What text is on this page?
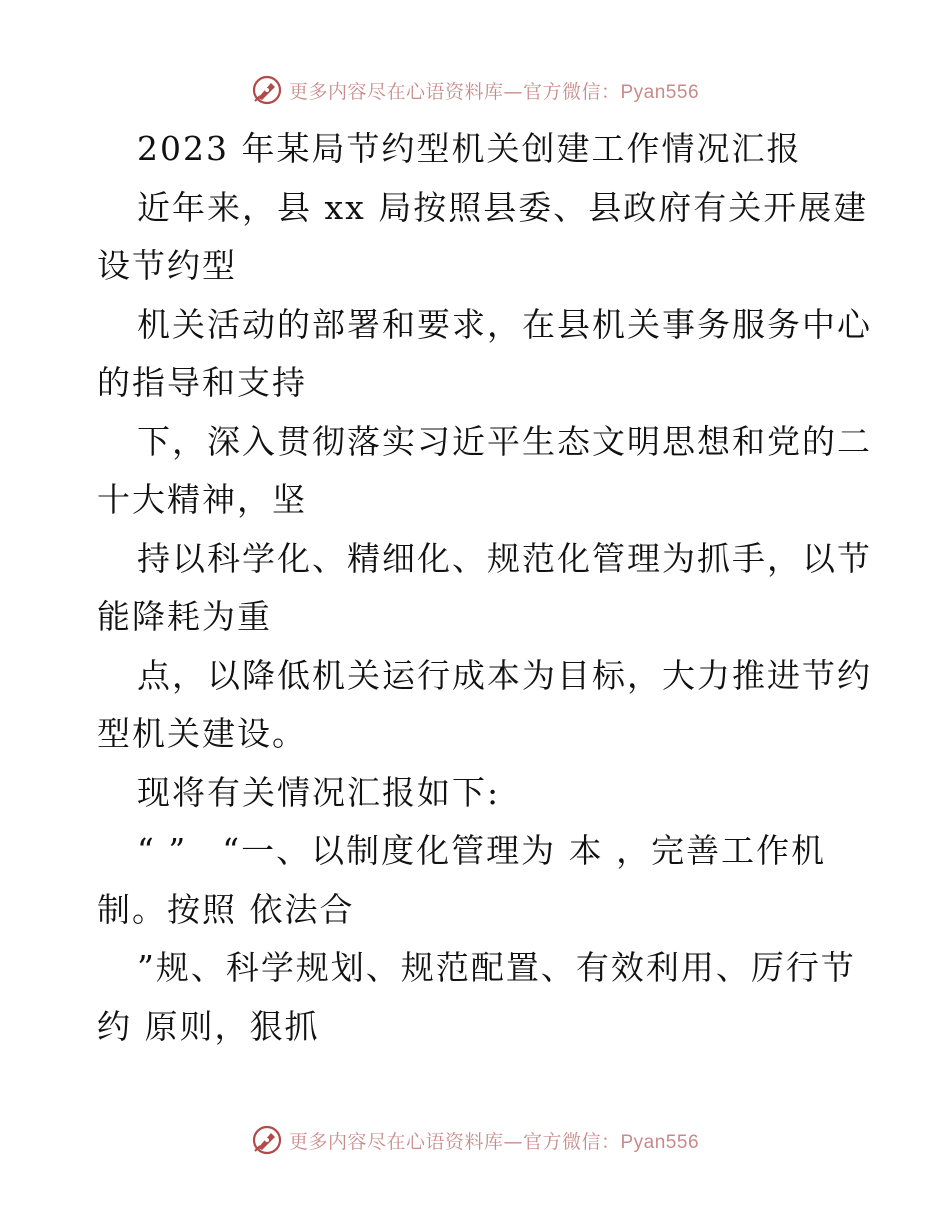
更多内容尽在心语资料库—官方微信：Pyan556
2023 年某局节约型机关创建工作情况汇报
近年来，县 xx 局按照县委、县政府有关开展建
设节约型
机关活动的部署和要求，在县机关事务服务中心
的指导和支持
下，深入贯彻落实习近平生态文明思想和党的二
十大精神，坚
持以科学化、精细化、规范化管理为抓手，以节
能降耗为重
点，以降低机关运行成本为目标，大力推进节约
型机关建设。
现将有关情况汇报如下:
“ ”　“一、以制度化管理为 本 ，完善工作机
制。按照 依法合
”规、科学规划、规范配置、有效利用、厉行节
约 原则，狠抓
更多内容尽在心语资料库—官方微信：Pyan556
